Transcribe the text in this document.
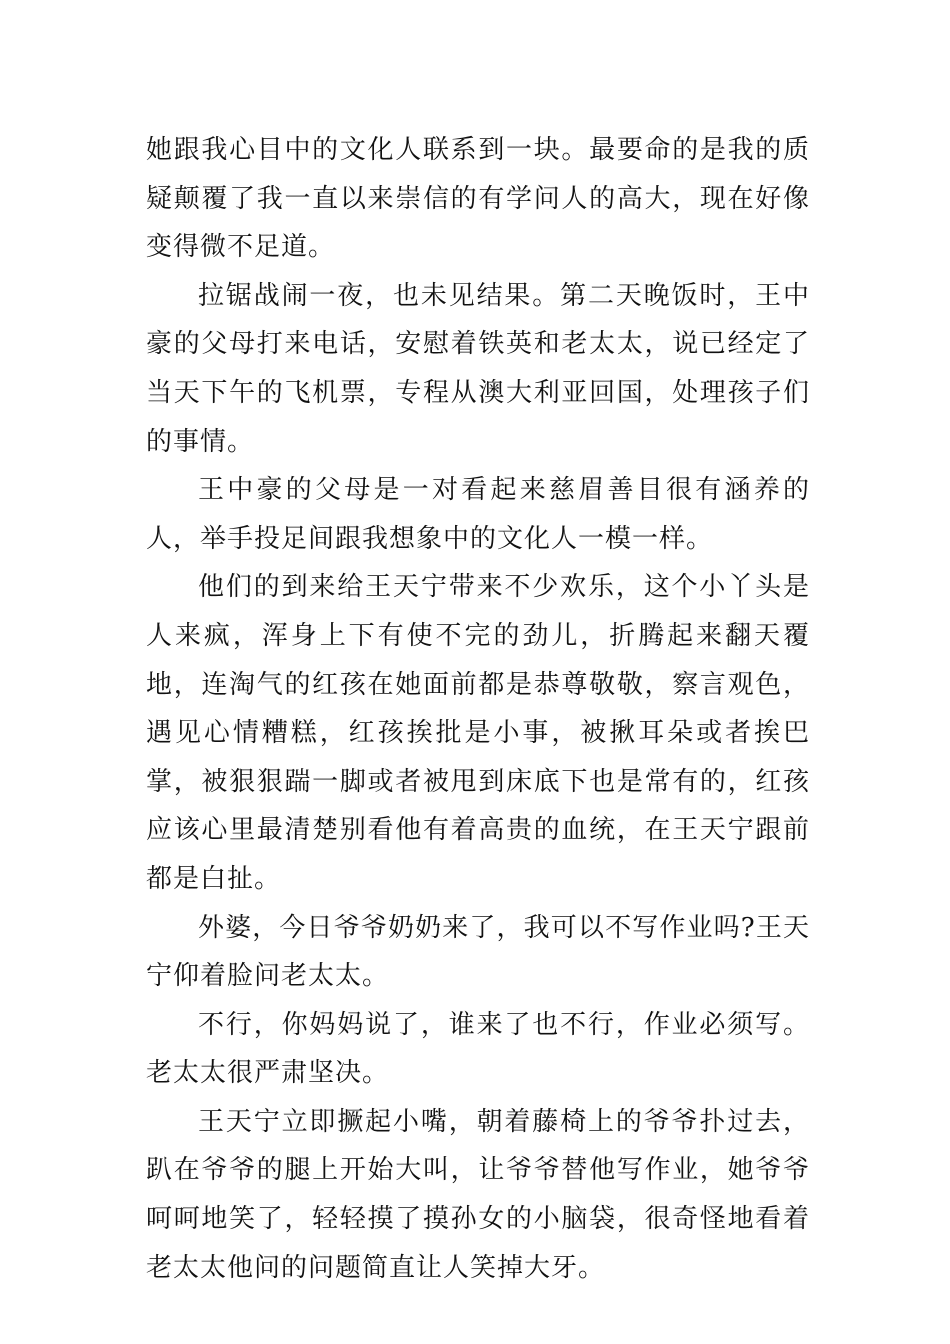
她跟我心目中的文化人联系到一块。最要命的是我的质疑颠覆了我一直以来崇信的有学问人的高大，现在好像变得微不足道。

拉锯战闹一夜，也未见结果。第二天晚饭时，王中豪的父母打来电话，安慰着铁英和老太太，说已经定了当天下午的飞机票，专程从澳大利亚回国，处理孩子们的事情。

王中豪的父母是一对看起来慈眉善目很有涵养的人，举手投足间跟我想象中的文化人一模一样。

他们的到来给王天宁带来不少欢乐，这个小丫头是人来疯，浑身上下有使不完的劲儿，折腾起来翻天覆地，连淘气的红孩在她面前都是恭尊敬敬，察言观色，遇见心情糟糕，红孩挨批是小事，被揪耳朵或者挨巴掌，被狠狠踹一脚或者被甩到床底下也是常有的，红孩应该心里最清楚别看他有着高贵的血统，在王天宁跟前都是白扯。

外婆，今日爷爷奶奶来了，我可以不写作业吗?王天宁仰着脸问老太太。

不行，你妈妈说了，谁来了也不行，作业必须写。老太太很严肃坚决。

王天宁立即撅起小嘴，朝着藤椅上的爷爷扑过去，趴在爷爷的腿上开始大叫，让爷爷替他写作业，她爷爷呵呵地笑了，轻轻摸了摸孙女的小脑袋，很奇怪地看着老太太他问的问题简直让人笑掉大牙。
